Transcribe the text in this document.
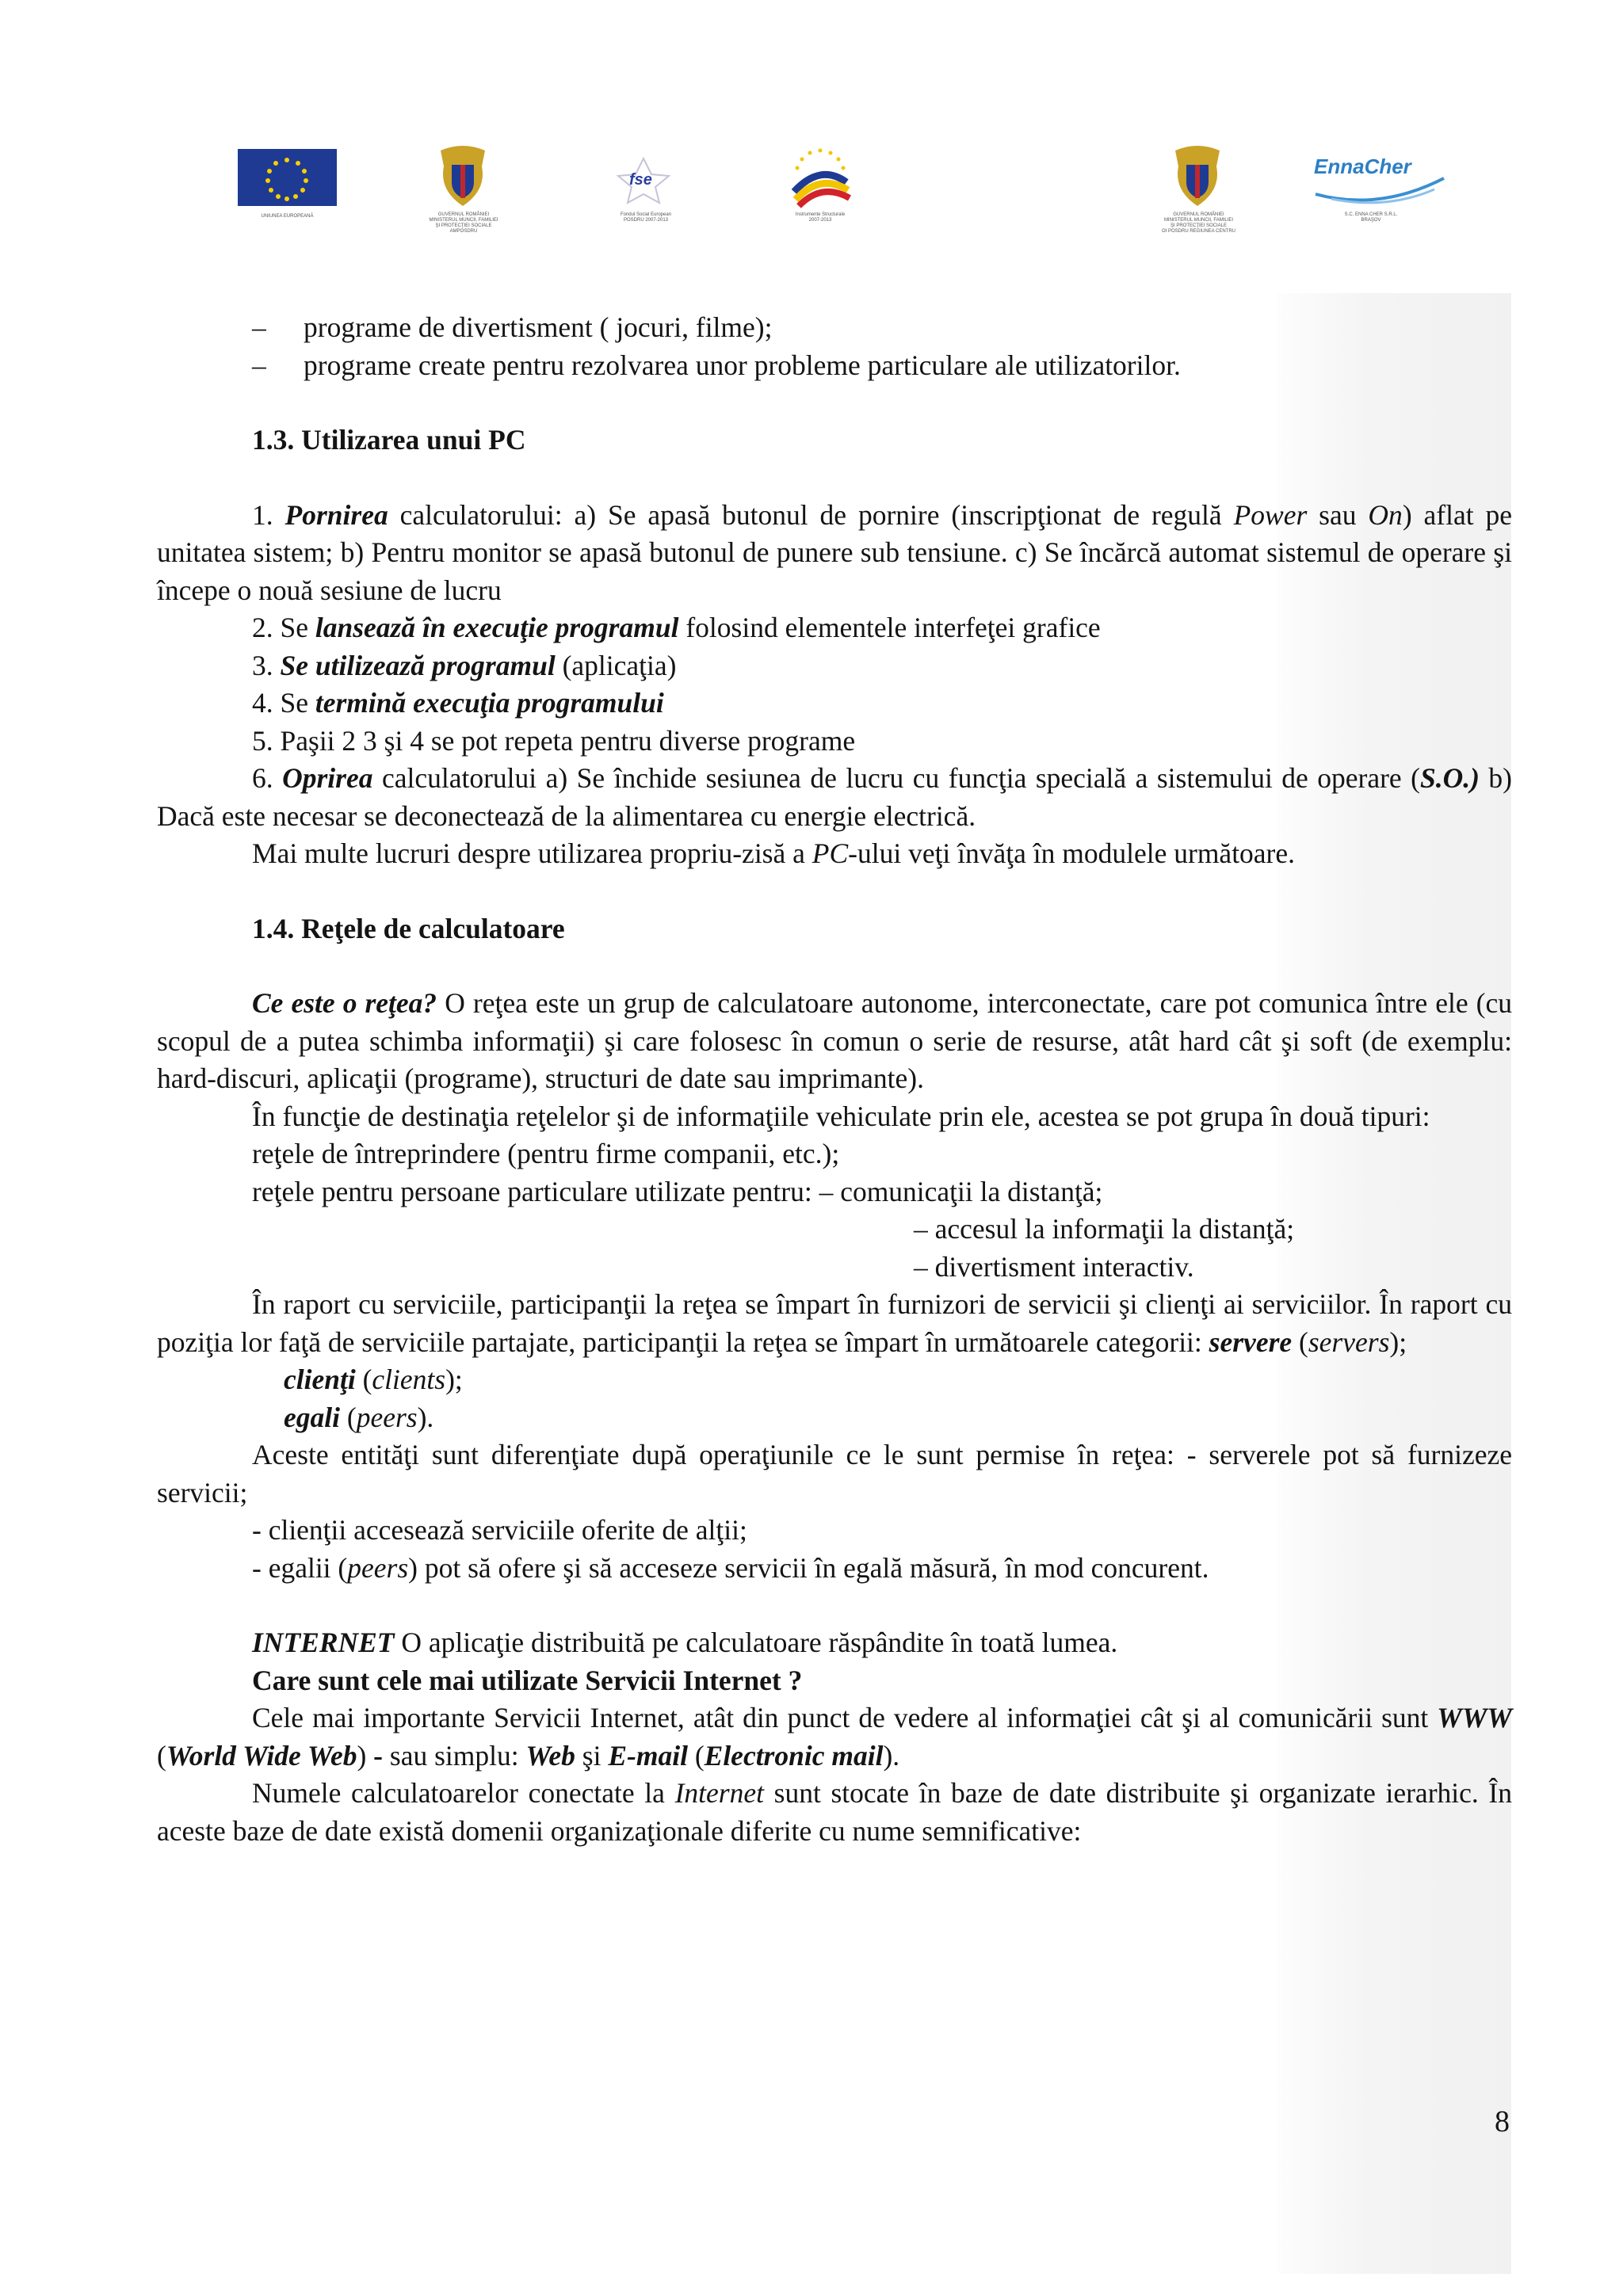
UNIUNEA EUROPEANĂ	GUVERNUL ROMÂNIEI
MINISTERUL MUNCII, FAMILIEI
ŞI PROTECŢIEI SOCIALE
AMPOSDRU
fse
Fondul Social European
POSDRU 2007-2013
Instrumente Structurale
2007-2013
GUVERNUL ROMÂNIEI
MINISTERUL MUNCII, FAMILIEI
ŞI PROTECŢIEI SOCIALE
OI POSDRU REGIUNEA CENTRU
EnnaCher
S.C. ENNA CHER S.R.L.
BRAŞOV

– programe de divertisment ( jocuri, filme);

– programe create pentru rezolvarea unor probleme particulare ale utilizatorilor.

1.3. Utilizarea unui PC

1. Pornirea calculatorului: a) Se apasă butonul de pornire (inscripţionat de regulă Power sau On) aflat pe unitatea sistem; b) Pentru monitor se apasă butonul de punere sub tensiune. c) Se încărcă automat sistemul de operare şi începe o nouă sesiune de lucru

2. Se lansează în execuţie programul folosind elementele interfeţei grafice

3. Se utilizează programul (aplicaţia)

4. Se termină execuţia programului

5. Paşii 2 3 şi 4 se pot repeta pentru diverse programe

6. Oprirea calculatorului a) Se închide sesiunea de lucru cu funcţia specială a sistemului de operare (S.O.) b) Dacă este necesar se deconectează de la alimentarea cu energie electrică.

Mai multe lucruri despre utilizarea propriu-zisă a PC-ului veţi învăţa în modulele următoare.

1.4. Reţele de calculatoare

Ce este o reţea? O reţea este un grup de calculatoare autonome, interconectate, care pot comunica între ele (cu scopul de a putea schimba informaţii) şi care folosesc în comun o serie de resurse, atât hard cât şi soft (de exemplu: hard-discuri, aplicaţii (programe), structuri de date sau imprimante).

În funcţie de destinaţia reţelelor şi de informaţiile vehiculate prin ele, acestea se pot grupa în două tipuri:

reţele de întreprindere (pentru firme companii, etc.);

reţele pentru persoane particulare utilizate pentru: – comunicaţii la distanţă;

– accesul la informaţii la distanţă;

– divertisment interactiv.

În raport cu serviciile, participanţii la reţea se împart în furnizori de servicii şi clienţi ai serviciilor. În raport cu poziţia lor faţă de serviciile partajate, participanţii la reţea se împart în următoarele categorii: servere (servers);

clienţi (clients);

egali (peers).

Aceste entităţi sunt diferenţiate după operaţiunile ce le sunt permise în reţea: - serverele pot să furnizeze servicii;

- clienţii accesează serviciile oferite de alţii;

- egalii (peers) pot să ofere şi să acceseze servicii în egală măsură, în mod concurent.

INTERNET O aplicaţie distribuită pe calculatoare răspândite în toată lumea.

Care sunt cele mai utilizate Servicii Internet ?

Cele mai importante Servicii Internet, atât din punct de vedere al informaţiei cât şi al comunicării sunt WWW (World Wide Web) - sau simplu: Web şi E-mail (Electronic mail).

Numele calculatoarelor conectate la Internet sunt stocate în baze de date distribuite şi organizate ierarhic. În aceste baze de date există domenii organizaţionale diferite cu nume semnificative:

8
